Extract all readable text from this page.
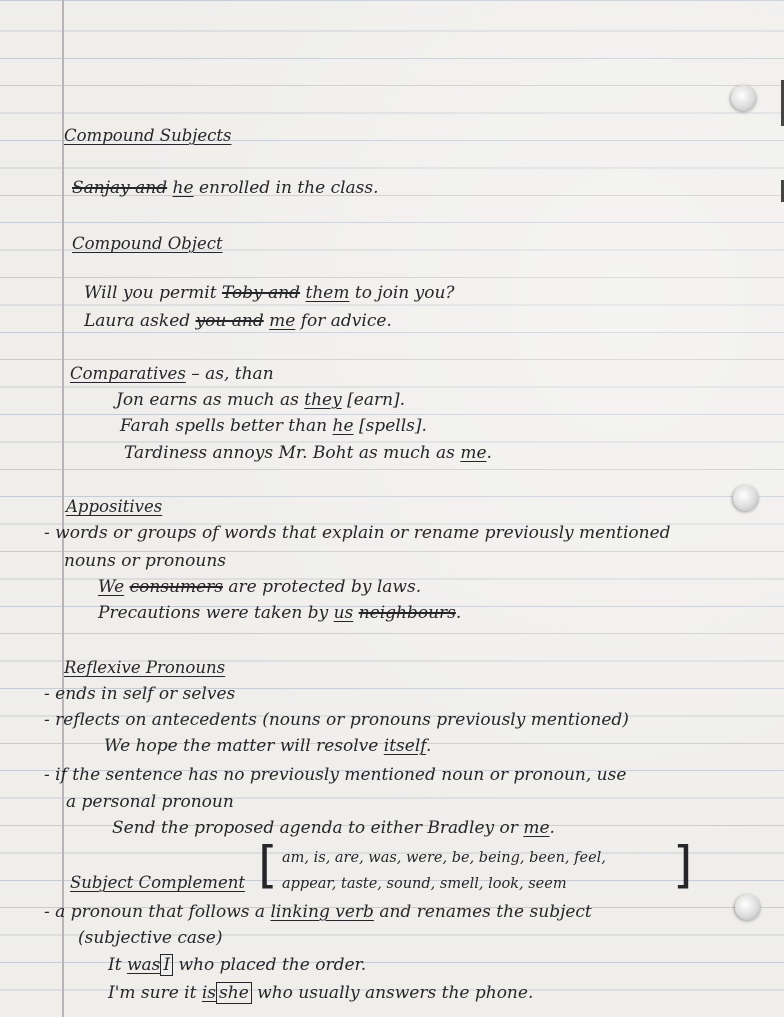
Compound Subjects

Sanjay and he enrolled in the class.

Compound Object

Will you permit Toby and them to join you?

Laura asked you and me for advice.

Comparatives – as, than

Jon earns as much as they [earn].

Farah spells better than he [spells].

Tardiness annoys Mr. Boht as much as me.

Appositives

- words or groups of words that explain or rename previously mentioned

nouns or pronouns

We consumers are protected by laws.

Precautions were taken by us neighbours.

Reflexive Pronouns

- ends in self or selves

- reflects on antecedents (nouns or pronouns previously mentioned)

We hope the matter will resolve itself.

- if the sentence has no previously mentioned noun or pronoun, use

a personal pronoun

Send the proposed agenda to either Bradley or me.

[	]

am, is, are, was, were, be, being, been, feel,

Subject Complement	appear, taste, sound, smell, look, seem

- a pronoun that follows a linking verb and renames the subject

(subjective case)

It was I who placed the order.

I'm sure it is she who usually answers the phone.
